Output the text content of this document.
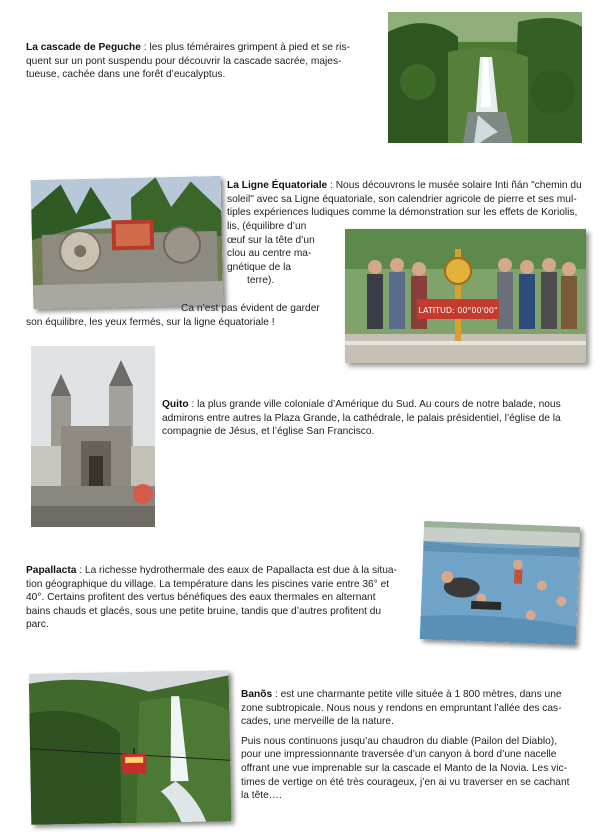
La cascade de Peguche : les plus téméraires grimpent à pied et se ris-
quent sur un pont suspendu pour découvrir la cascade sacrée, majes-
tueuse, cachée dans une forêt d’eucalyptus.
La Ligne Équatoriale : Nous découvrons le musée solaire Inti ñán "chemin du
soleil" avec sa Ligne équatoriale, son calendrier agricole de pierre et ses mul-
tiples expériences ludiques comme la démonstration sur les effets de Koriolis,
lis, (équilibre d’un
œuf sur la tête d’un
clou au centre ma-
gnétique de la
terre).
Ca n’est pas évident de garder
son équilibre, les yeux fermés, sur la ligne équatoriale !
LATITUD: 00°00'00"
Quito : la plus grande ville coloniale d’Amérique du Sud. Au cours de notre balade, nous
admirons entre autres la Plaza Grande, la cathédrale, le palais présidentiel, l’église de la
compagnie de Jésus, et l’église San Francisco.
Papallacta : La richesse hydrothermale des eaux de Papallacta est due à la situa-
tion géographique du village. La température dans les piscines varie entre 36° et
40°. Certains profitent des vertus bénéfiques des eaux thermales en alternant
bains chauds et glacés, sous une petite bruine, tandis que d’autres profitent du
parc.
Banõs : est une charmante petite ville située à 1 800 mètres, dans une
zone subtropicale. Nous nous y rendons en empruntant l’allée des cas-
cades, une merveille de la nature.
Puis nous continuons jusqu’au chaudron du diable (Pailon del Diablo),
pour une impressionnante traversée d’un canyon à bord d’une nacelle
offrant une vue imprenable sur la cascade el Manto de la Novia. Les vic-
times de vertige on été très courageux, j’en ai vu traverser en se cachant
la tête….
